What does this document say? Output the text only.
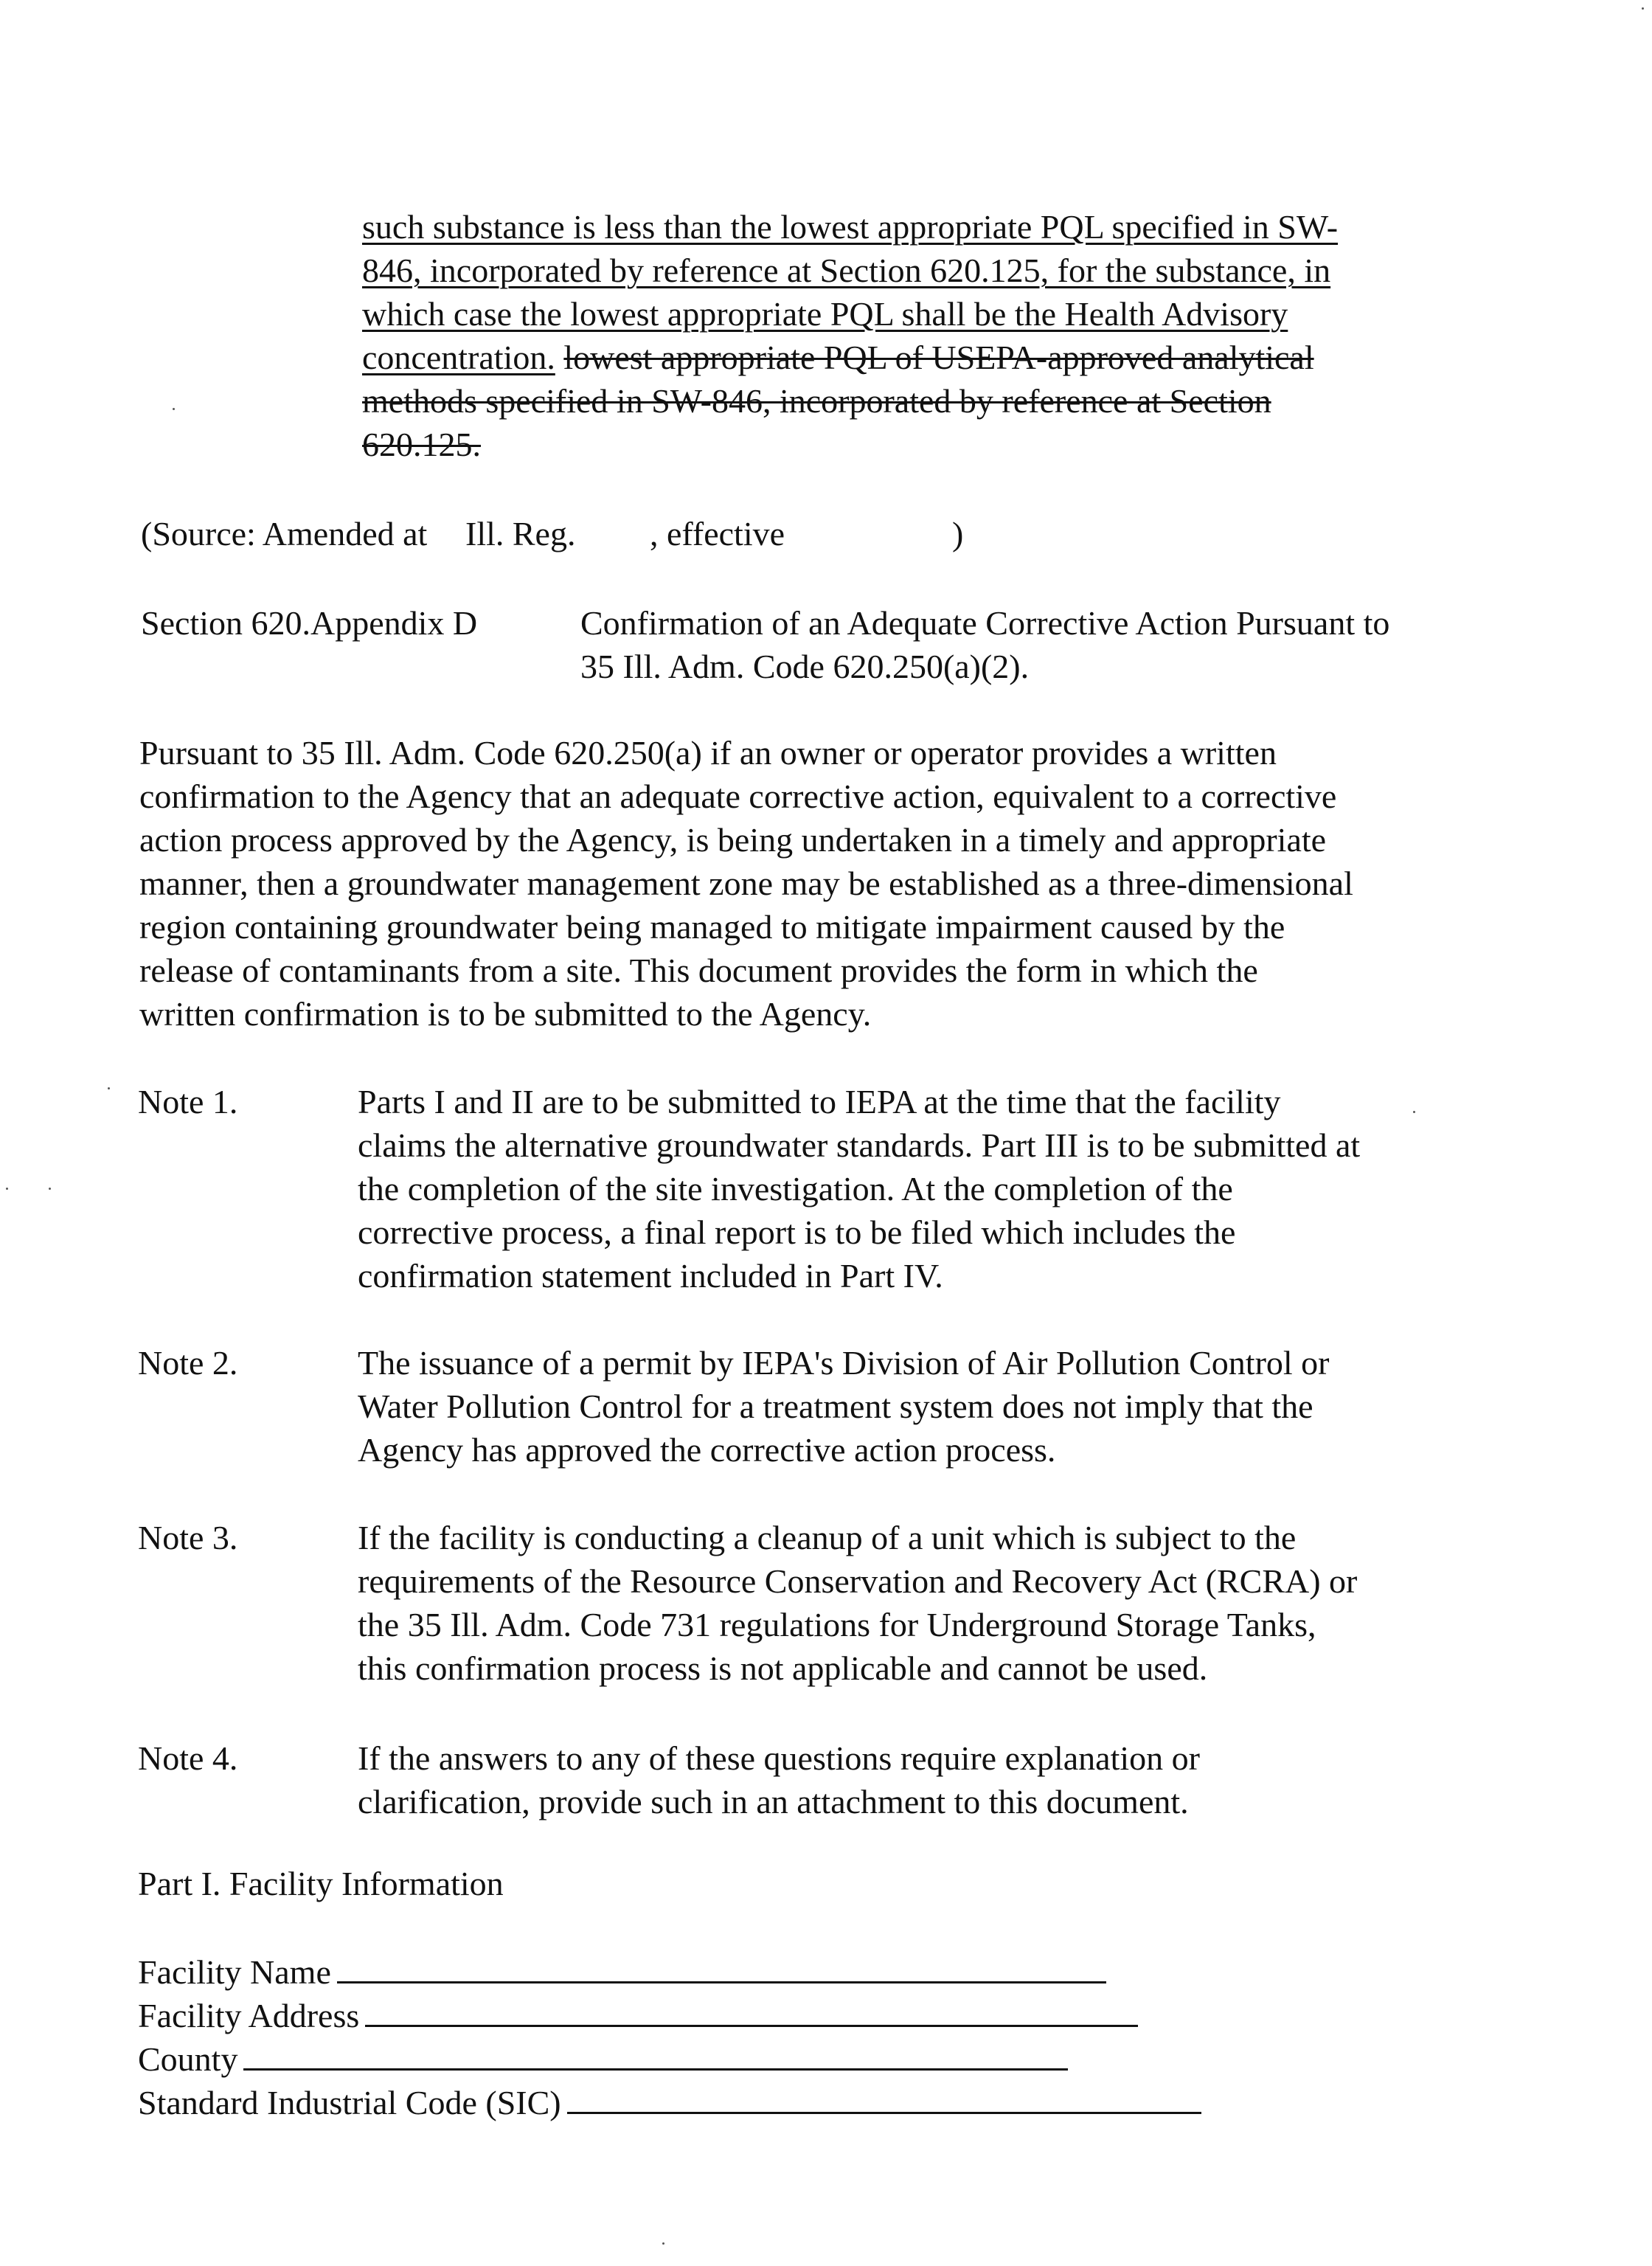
such substance is less than the lowest appropriate PQL specified in SW-
846, incorporated by reference at Section 620.125, for the substance, in
which case the lowest appropriate PQL shall be the Health Advisory
concentration. lowest appropriate PQL of USEPA-approved analytical
methods specified in SW-846, incorporated by reference at Section
620.125.
(Source: Amended at Ill. Reg. , effective	)
Section 620.Appendix D	Confirmation of an Adequate Corrective Action Pursuant to
35 Ill. Adm. Code 620.250(a)(2).
Pursuant to 35 Ill. Adm. Code 620.250(a) if an owner or operator provides a written
confirmation to the Agency that an adequate corrective action, equivalent to a corrective
action process approved by the Agency, is being undertaken in a timely and appropriate
manner, then a groundwater management zone may be established as a three-dimensional
region containing groundwater being managed to mitigate impairment caused by the
release of contaminants from a site. This document provides the form in which the
written confirmation is to be submitted to the Agency.
Note 1.	Parts I and II are to be submitted to IEPA at the time that the facility
claims the alternative groundwater standards. Part III is to be submitted at
the completion of the site investigation. At the completion of the
corrective process, a final report is to be filed which includes the
confirmation statement included in Part IV.
Note 2.	The issuance of a permit by IEPA's Division of Air Pollution Control or
Water Pollution Control for a treatment system does not imply that the
Agency has approved the corrective action process.
Note 3.	If the facility is conducting a cleanup of a unit which is subject to the
requirements of the Resource Conservation and Recovery Act (RCRA) or
the 35 Ill. Adm. Code 731 regulations for Underground Storage Tanks,
this confirmation process is not applicable and cannot be used.
Note 4.	If the answers to any of these questions require explanation or
clarification, provide such in an attachment to this document.
Part I. Facility Information
Facility Name
Facility Address
County
Standard Industrial Code (SIC)
